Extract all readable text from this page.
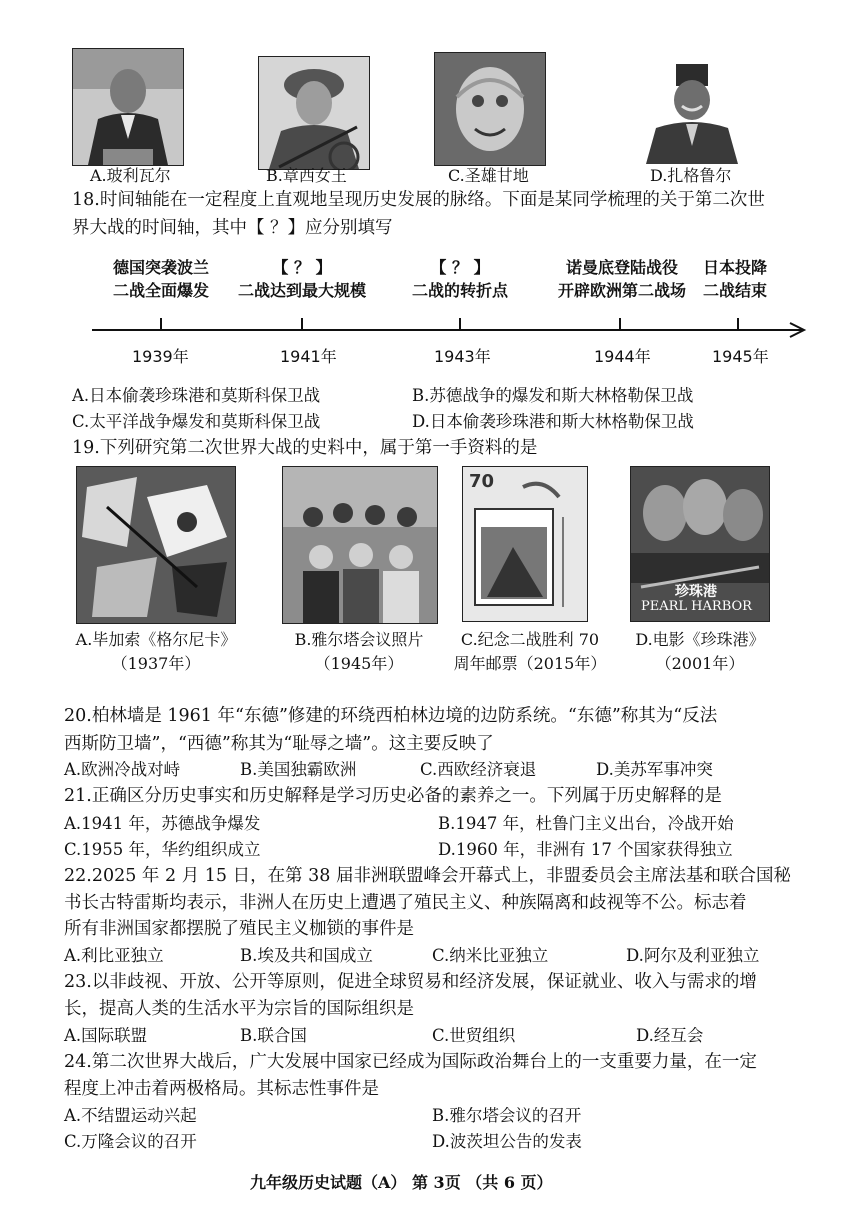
A.玻利瓦尔	B.章西女王	C.圣雄甘地	D.扎格鲁尔
18.时间轴能在一定程度上直观地呈现历史发展的脉络。下面是某同学梳理的关于第二次世
界大战的时间轴，其中【 ？】应分别填写
德国突袭波兰
二战全面爆发
【 ？ 】
二战达到最大规模
【 ？ 】
二战的转折点
诺曼底登陆战役
开辟欧洲第二战场
日本投降
二战结束
1939年	1941年	1943年	1944年	1945年
A.日本偷袭珍珠港和莫斯科保卫战	B.苏德战争的爆发和斯大林格勒保卫战
C.太平洋战争爆发和莫斯科保卫战	D.日本偷袭珍珠港和斯大林格勒保卫战
19.下列研究第二次世界大战的史料中，属于第一手资料的是
70
珍珠港
PEARL HARBOR
A.毕加索《格尔尼卡》
（1937年）
B.雅尔塔会议照片
（1945年）
C.纪念二战胜利 70
周年邮票（2015年）
D.电影《珍珠港》
（2001年）
20.柏林墙是 1961 年“东德”修建的环绕西柏林边境的边防系统。“东德”称其为“反法
西斯防卫墙”，“西德”称其为“耻辱之墙”。这主要反映了
A.欧洲冷战对峙	B.美国独霸欧洲	C.西欧经济衰退	D.美苏军事冲突
21.正确区分历史事实和历史解释是学习历史必备的素养之一。下列属于历史解释的是
A.1941 年，苏德战争爆发	B.1947 年，杜鲁门主义出台，冷战开始
C.1955 年，华约组织成立	D.1960 年，非洲有 17 个国家获得独立
22.2025 年 2 月 15 日，在第 38 届非洲联盟峰会开幕式上，非盟委员会主席法基和联合国秘
书长古特雷斯均表示，非洲人在历史上遭遇了殖民主义、种族隔离和歧视等不公。标志着
所有非洲国家都摆脱了殖民主义枷锁的事件是
A.利比亚独立	B.埃及共和国成立	C.纳米比亚独立	D.阿尔及利亚独立
23.以非歧视、开放、公开等原则，促进全球贸易和经济发展，保证就业、收入与需求的增
长，提高人类的生活水平为宗旨的国际组织是
A.国际联盟	B.联合国	C.世贸组织	D.经互会
24.第二次世界大战后，广大发展中国家已经成为国际政治舞台上的一支重要力量，在一定
程度上冲击着两极格局。其标志性事件是
A.不结盟运动兴起	B.雅尔塔会议的召开
C.万隆会议的召开	D.波茨坦公告的发表
九年级历史试题（A） 第 3页 （共 6 页）
